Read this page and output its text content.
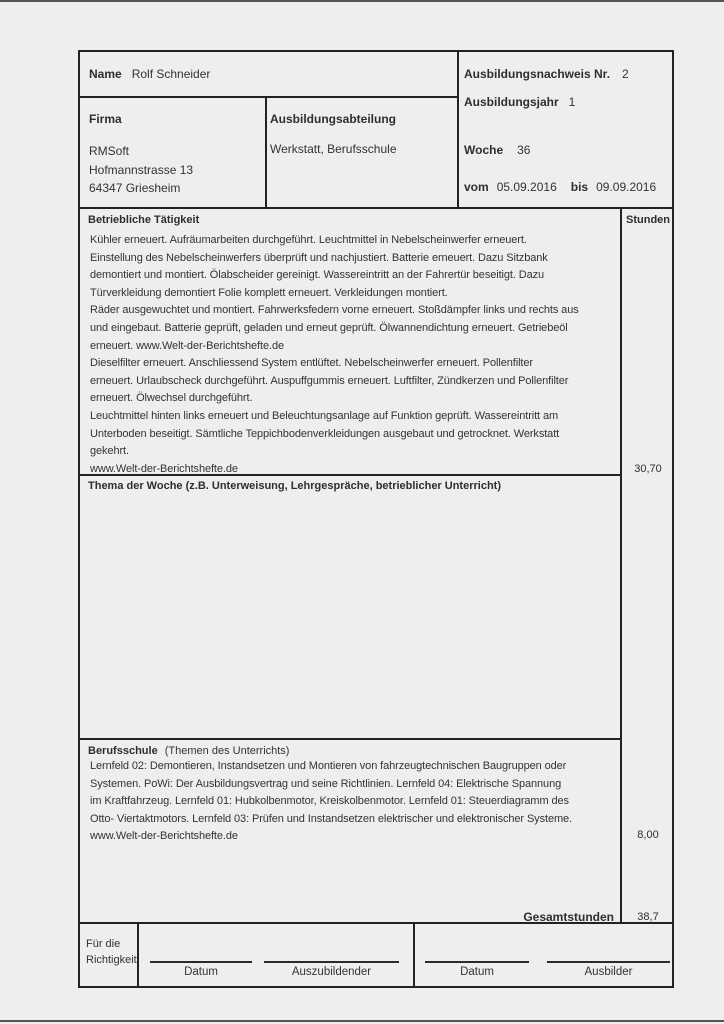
Name Rolf Schneider
Firma
RMSoft
Hofmannstrasse 13
64347 Griesheim
Ausbildungsabteilung
Werkstatt, Berufsschule
Ausbildungsnachweis Nr. 2
Ausbildungsjahr 1
Woche 36
vom 05.09.2016 bis 09.09.2016
Stunden
Betriebliche Tätigkeit
Kühler erneuert. Aufräumarbeiten durchgeführt. Leuchtmittel in Nebelscheinwerfer erneuert.
Einstellung des Nebelscheinwerfers überprüft und nachjustiert. Batterie erneuert. Dazu Sitzbank
demontiert und montiert. Ölabscheider gereinigt. Wassereintritt an der Fahrertür beseitigt. Dazu
Türverkleidung demontiert Folie komplett erneuert. Verkleidungen montiert.
Räder ausgewuchtet und montiert. Fahrwerksfedern vorne erneuert. Stoßdämpfer links und rechts aus
und eingebaut. Batterie geprüft, geladen und erneut geprüft. Ölwannendichtung erneuert. Getriebeöl
erneuert. www.Welt-der-Berichtshefte.de
Dieselfilter erneuert. Anschliessend System entlüftet. Nebelscheinwerfer erneuert. Pollenfilter
erneuert. Urlaubscheck durchgeführt. Auspuffgummis erneuert. Luftfilter, Zündkerzen und Pollenfilter
erneuert. Ölwechsel durchgeführt.
Leuchtmittel hinten links erneuert und Beleuchtungsanlage auf Funktion geprüft. Wassereintritt am
Unterboden beseitigt. Sämtliche Teppichbodenverkleidungen ausgebaut und getrocknet. Werkstatt
gekehrt.
www.Welt-der-Berichtshefte.de	30,70
Thema der Woche (z.B. Unterweisung, Lehrgespräche, betrieblicher Unterricht)
Berufsschule (Themen des Unterrichts)
Lernfeld 02: Demontieren, Instandsetzen und Montieren von fahrzeugtechnischen Baugruppen oder
Systemen. PoWi: Der Ausbildungsvertrag und seine Richtlinien. Lernfeld 04: Elektrische Spannung
im Kraftfahrzeug. Lernfeld 01: Hubkolbenmotor, Kreiskolbenmotor. Lernfeld 01: Steuerdiagramm des
Otto- Viertaktmotors. Lernfeld 03: Prüfen und Instandsetzen elektrischer und elektronischer Systeme.
www.Welt-der-Berichtshefte.de	8,00
Gesamtstunden	38,7
Für die
Richtigkeit
Datum	Auszubildender	Datum	Ausbilder
